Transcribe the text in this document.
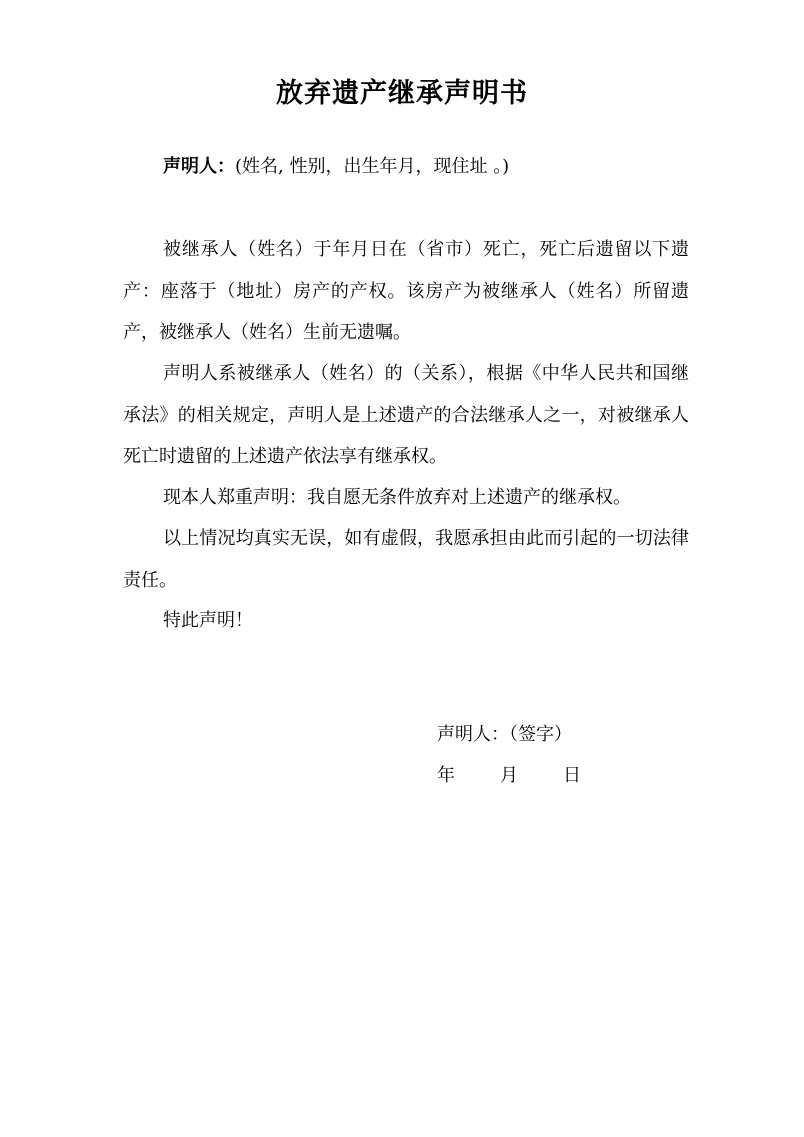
放弃遗产继承声明书
声明人：(姓名, 性别，出生年月，现住址 。)

被继承人（姓名）于年月日在（省市）死亡，死亡后遗留以下遗产：座落于（地址）房产的产权。该房产为被继承人（姓名）所留遗产，被继承人（姓名）生前无遗嘱。

声明人系被继承人（姓名）的（关系），根据《中华人民共和国继承法》的相关规定，声明人是上述遗产的合法继承人之一，对被继承人死亡时遗留的上述遗产依法享有继承权。

现本人郑重声明：我自愿无条件放弃对上述遗产的继承权。

以上情况均真实无误，如有虚假，我愿承担由此而引起的一切法律责任。

特此声明！

声明人：（签字）
年	月	日
